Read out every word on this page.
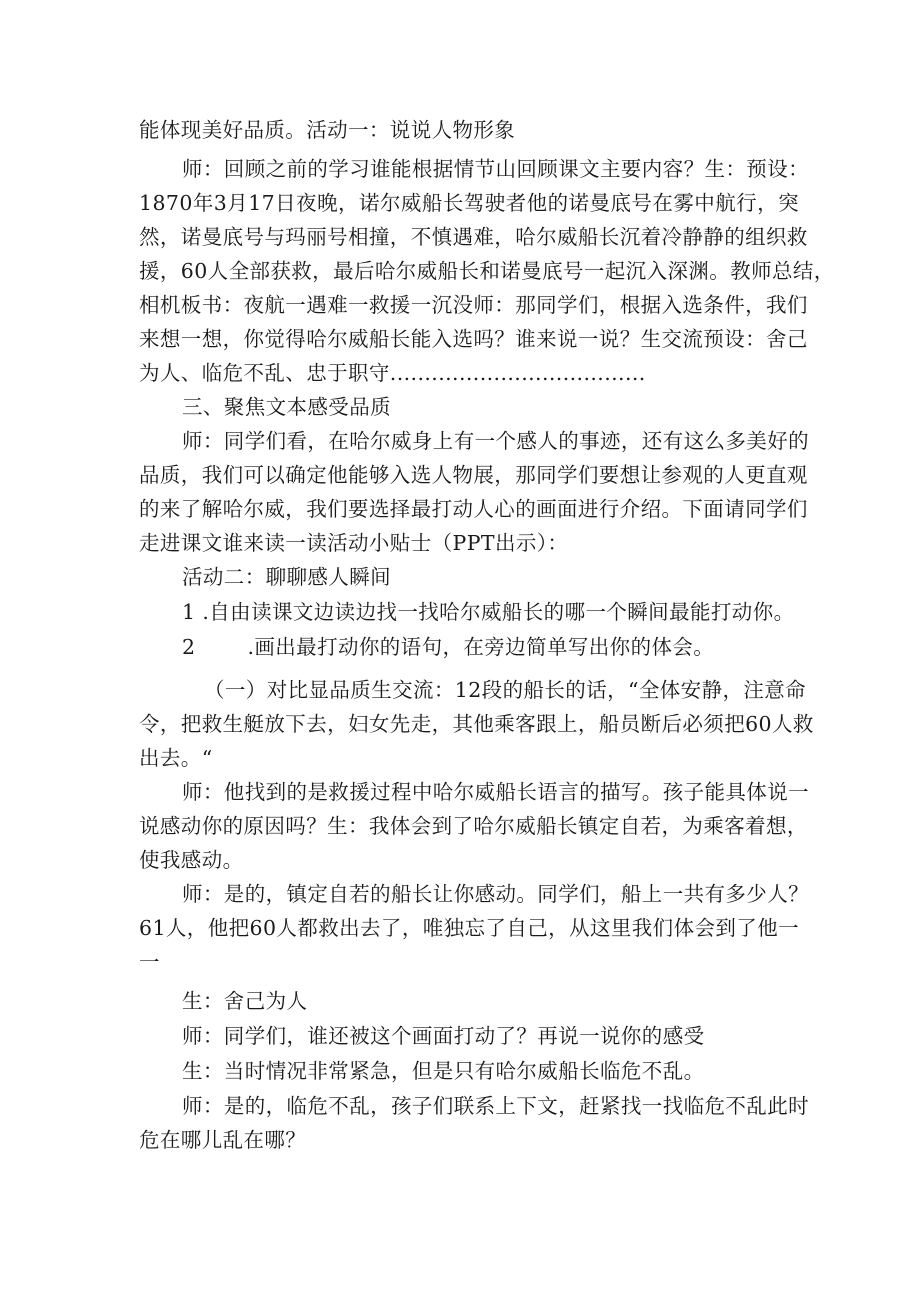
能体现美好品质。活动一：说说人物形象
师：回顾之前的学习谁能根据情节山回顾课文主要内容？生：预设：
1870年3月17日夜晚，诺尔威船长驾驶者他的诺曼底号在雾中航行，突
然，诺曼底号与玛丽号相撞，不慎遇难，哈尔威船长沉着冷静静的组织救
援，60人全部获救，最后哈尔威船长和诺曼底号一起沉入深渊。教师总结，
相机板书：夜航一遇难一救援一沉没师：那同学们，根据入选条件，我们
来想一想，你觉得哈尔威船长能入选吗？谁来说一说？生交流预设：舍己
为人、临危不乱、忠于职守.....................................
三、聚焦文本感受品质
师：同学们看，在哈尔威身上有一个感人的事迹，还有这么多美好的
品质，我们可以确定他能够入选人物展，那同学们要想让参观的人更直观
的来了解哈尔威，我们要选择最打动人心的画面进行介绍。下面请同学们
走进课文谁来读一读活动小贴士（PPT出示）：
活动二：聊聊感人瞬间
1 .自由读课文边读边找一找哈尔威船长的哪一个瞬间最能打动你。
2	.画出最打动你的语句，在旁边简单写出你的体会。
（一）对比显品质生交流：12段的船长的话，“全体安静，注意命
令，把救生艇放下去，妇女先走，其他乘客跟上，船员断后必须把60人救
出去。“
师：他找到的是救援过程中哈尔威船长语言的描写。孩子能具体说一
说感动你的原因吗？生：我体会到了哈尔威船长镇定自若，为乘客着想，
使我感动。
师：是的，镇定自若的船长让你感动。同学们，船上一共有多少人？
61人，他把60人都救出去了，唯独忘了自己，从这里我们体会到了他一
一
生：舍己为人
师：同学们，谁还被这个画面打动了？再说一说你的感受
生：当时情况非常紧急，但是只有哈尔威船长临危不乱。
师：是的，临危不乱，孩子们联系上下文，赶紧找一找临危不乱此时
危在哪儿乱在哪？
